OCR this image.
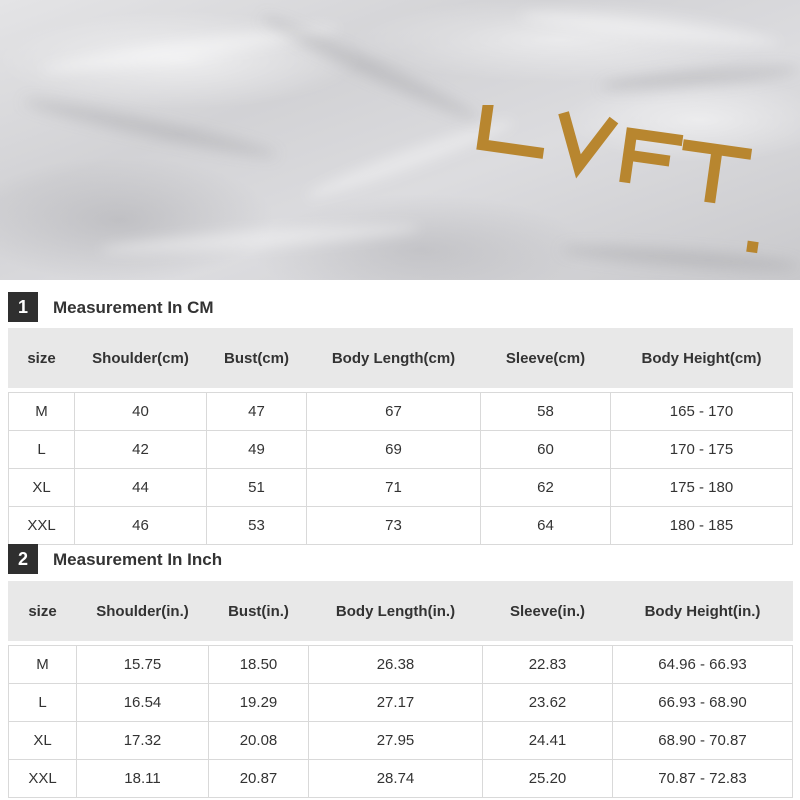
1	Measurement In CM
size	Shoulder(cm)	Bust(cm)	Body Length(cm)	Sleeve(cm)	Body Height(cm)

M	40	47	67	58	165 - 170
L	42	49	69	60	170 - 175
XL	44	51	71	62	175 - 180
XXL	46	53	73	64	180 - 185
2	Measurement In Inch
size	Shoulder(in.)	Bust(in.)	Body Length(in.)	Sleeve(in.)	Body Height(in.)

M	15.75	18.50	26.38	22.83	64.96 - 66.93
L	16.54	19.29	27.17	23.62	66.93 - 68.90
XL	17.32	20.08	27.95	24.41	68.90 - 70.87
XXL	18.11	20.87	28.74	25.20	70.87 - 72.83
